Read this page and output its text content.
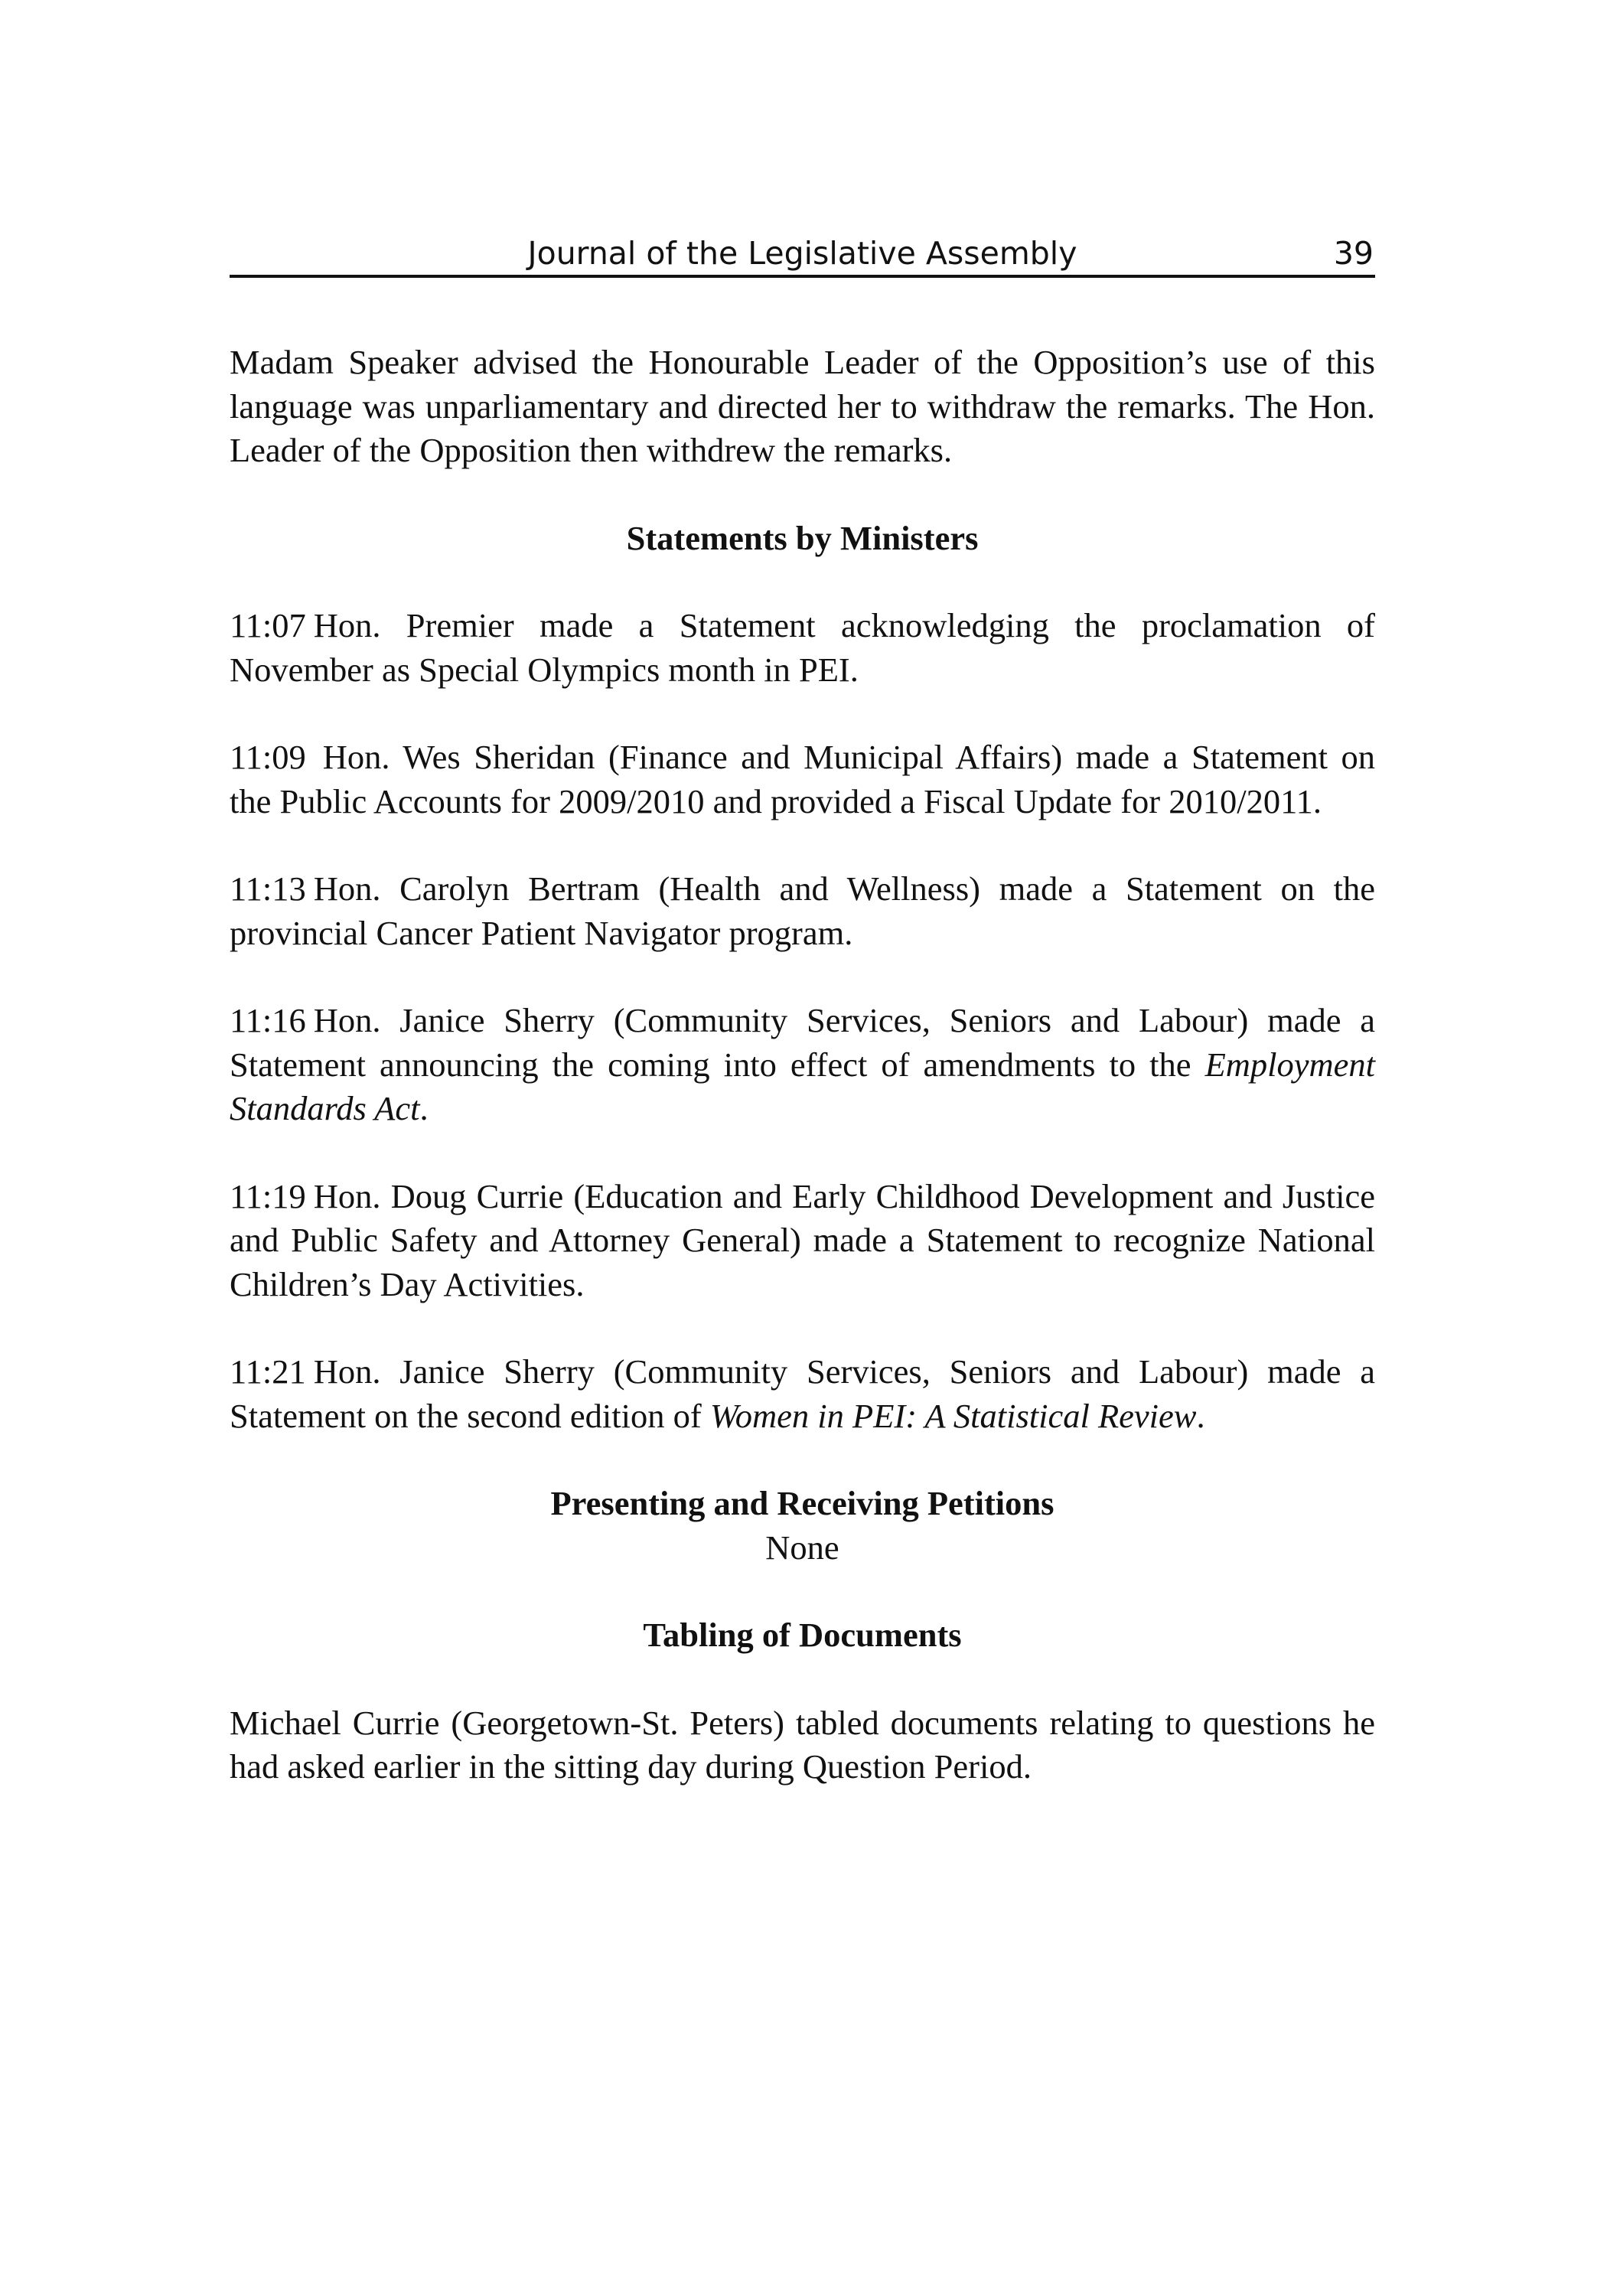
Journal of the Legislative Assembly	39

Madam Speaker advised the Honourable Leader of the Opposition’s use of this language was unparliamentary and directed her to withdraw the remarks. The Hon. Leader of the Opposition then withdrew the remarks.

Statements by Ministers

11:07 Hon. Premier made a Statement acknowledging the proclamation of November as Special Olympics month in PEI.

11:09 Hon. Wes Sheridan (Finance and Municipal Affairs) made a Statement on the Public Accounts for 2009/2010 and provided a Fiscal Update for 2010/2011.

11:13 Hon. Carolyn Bertram (Health and Wellness) made a Statement on the provincial Cancer Patient Navigator program.

11:16 Hon. Janice Sherry (Community Services, Seniors and Labour) made a Statement announcing the coming into effect of amendments to the Employment Standards Act.

11:19 Hon. Doug Currie (Education and Early Childhood Development and Justice and Public Safety and Attorney General) made a Statement to recognize National Children’s Day Activities.

11:21 Hon. Janice Sherry (Community Services, Seniors and Labour) made a Statement on the second edition of Women in PEI: A Statistical Review.

Presenting and Receiving Petitions
None
Tabling of Documents

Michael Currie (Georgetown-St. Peters) tabled documents relating to questions he had asked earlier in the sitting day during Question Period.
